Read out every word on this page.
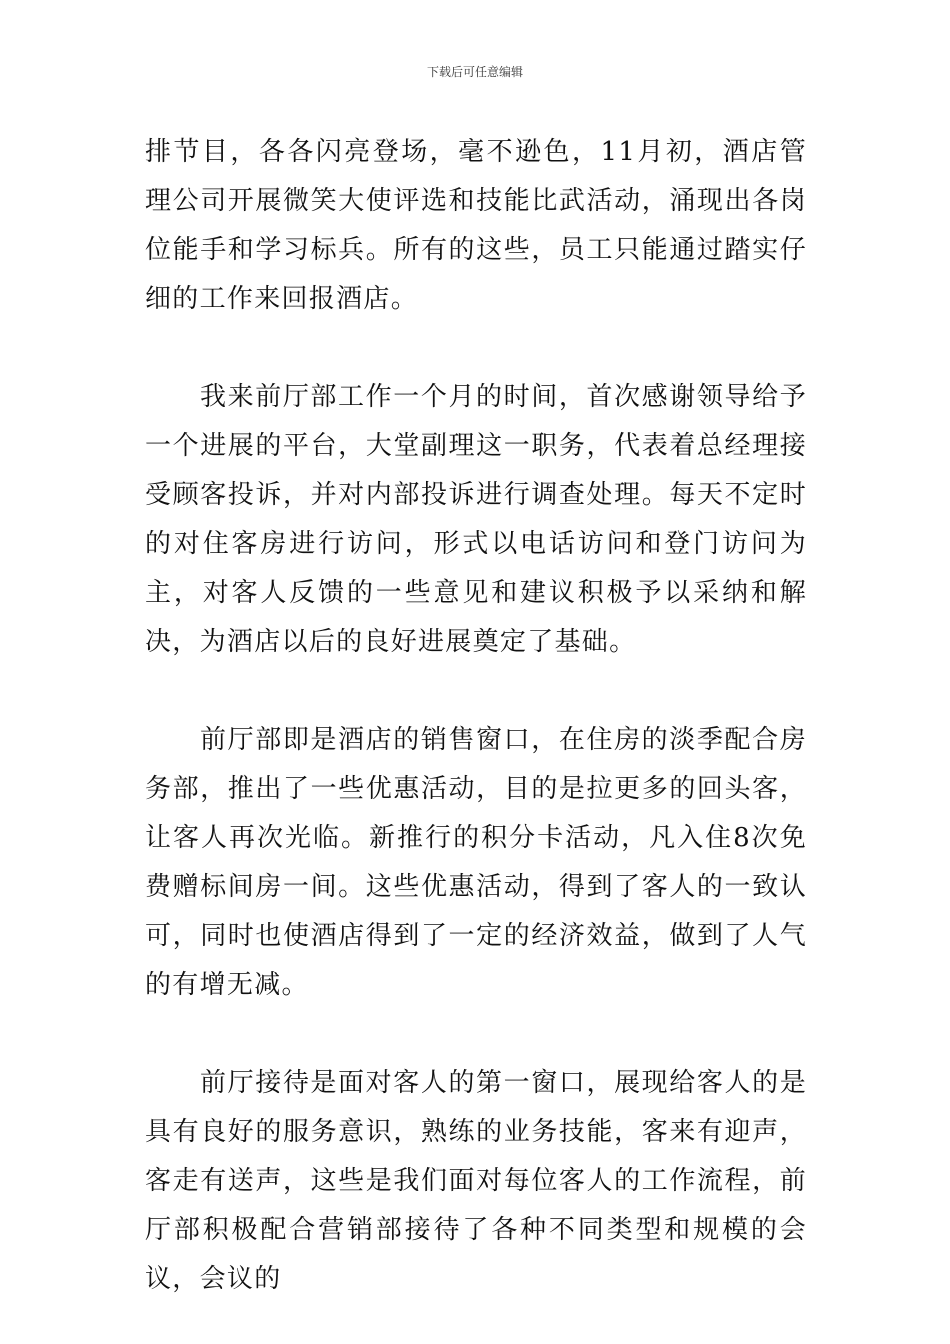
下载后可任意编辑

排节目，各各闪亮登场，毫不逊色，11月初，酒店管理公司开展微笑大使评选和技能比武活动，涌现出各岗位能手和学习标兵。所有的这些，员工只能通过踏实仔细的工作来回报酒店。

我来前厅部工作一个月的时间，首次感谢领导给予一个进展的平台，大堂副理这一职务，代表着总经理接受顾客投诉，并对内部投诉进行调查处理。每天不定时的对住客房进行访问，形式以电话访问和登门访问为主，对客人反馈的一些意见和建议积极予以采纳和解决，为酒店以后的良好进展奠定了基础。

前厅部即是酒店的销售窗口，在住房的淡季配合房务部，推出了一些优惠活动，目的是拉更多的回头客，让客人再次光临。新推行的积分卡活动，凡入住8次免费赠标间房一间。这些优惠活动，得到了客人的一致认可，同时也使酒店得到了一定的经济效益，做到了人气的有增无减。

前厅接待是面对客人的第一窗口，展现给客人的是具有良好的服务意识，熟练的业务技能，客来有迎声，客走有送声，这些是我们面对每位客人的工作流程，前厅部积极配合营销部接待了各种不同类型和规模的会议，会议的
